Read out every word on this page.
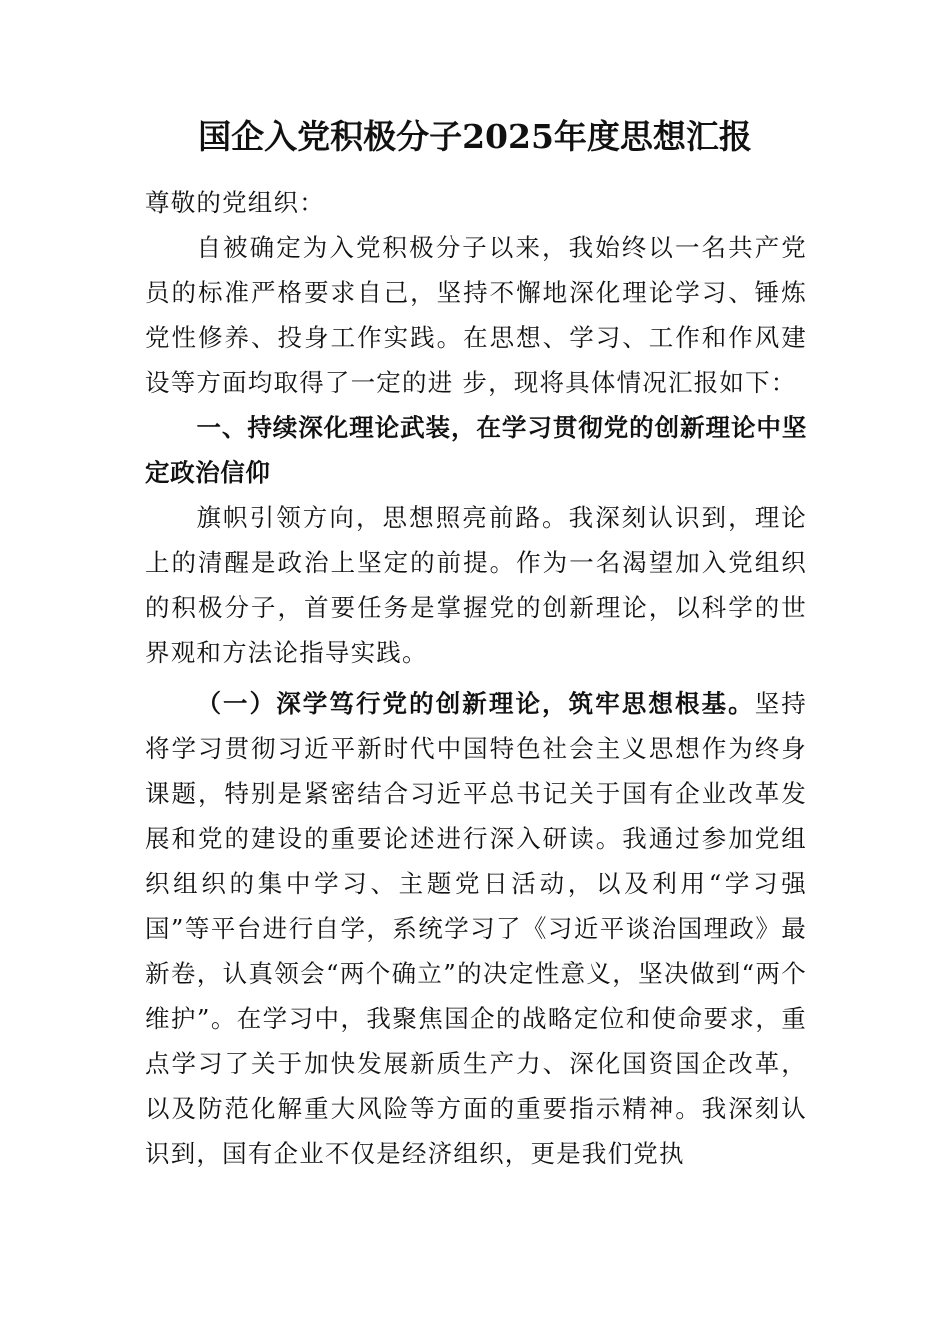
国企入党积极分子2025年度思想汇报

尊敬的党组织：

自被确定为入党积极分子以来，我始终以一名共产党员的标准严格要求自己，坚持不懈地深化理论学习、锤炼党性修养、投身工作实践。在思想、学习、工作和作风建设等方面均取得了一定的进 步，现将具体情况汇报如下：

一、持续深化理论武装，在学习贯彻党的创新理论中坚定政治信仰

旗帜引领方向，思想照亮前路。我深刻认识到，理论上的清醒是政治上坚定的前提。作为一名渴望加入党组织的积极分子，首要任务是掌握党的创新理论，以科学的世界观和方法论指导实践。

（一）深学笃行党的创新理论，筑牢思想根基。坚持将学习贯彻习近平新时代中国特色社会主义思想作为终身课题，特别是紧密结合习近平总书记关于国有企业改革发展和党的建设的重要论述进行深入研读。我通过参加党组织组织的集中学习、主题党日活动，以及利用“学习强国”等平台进行自学，系统学习了《习近平谈治国理政》最新卷，认真领会“两个确立”的决定性意义，坚决做到“两个维护”。在学习中，我聚焦国企的战略定位和使命要求，重点学习了关于加快发展新质生产力、深化国资国企改革，以及防范化解重大风险等方面的重要指示精神。我深刻认识到，国有企业不仅是经济组织，更是我们党执
